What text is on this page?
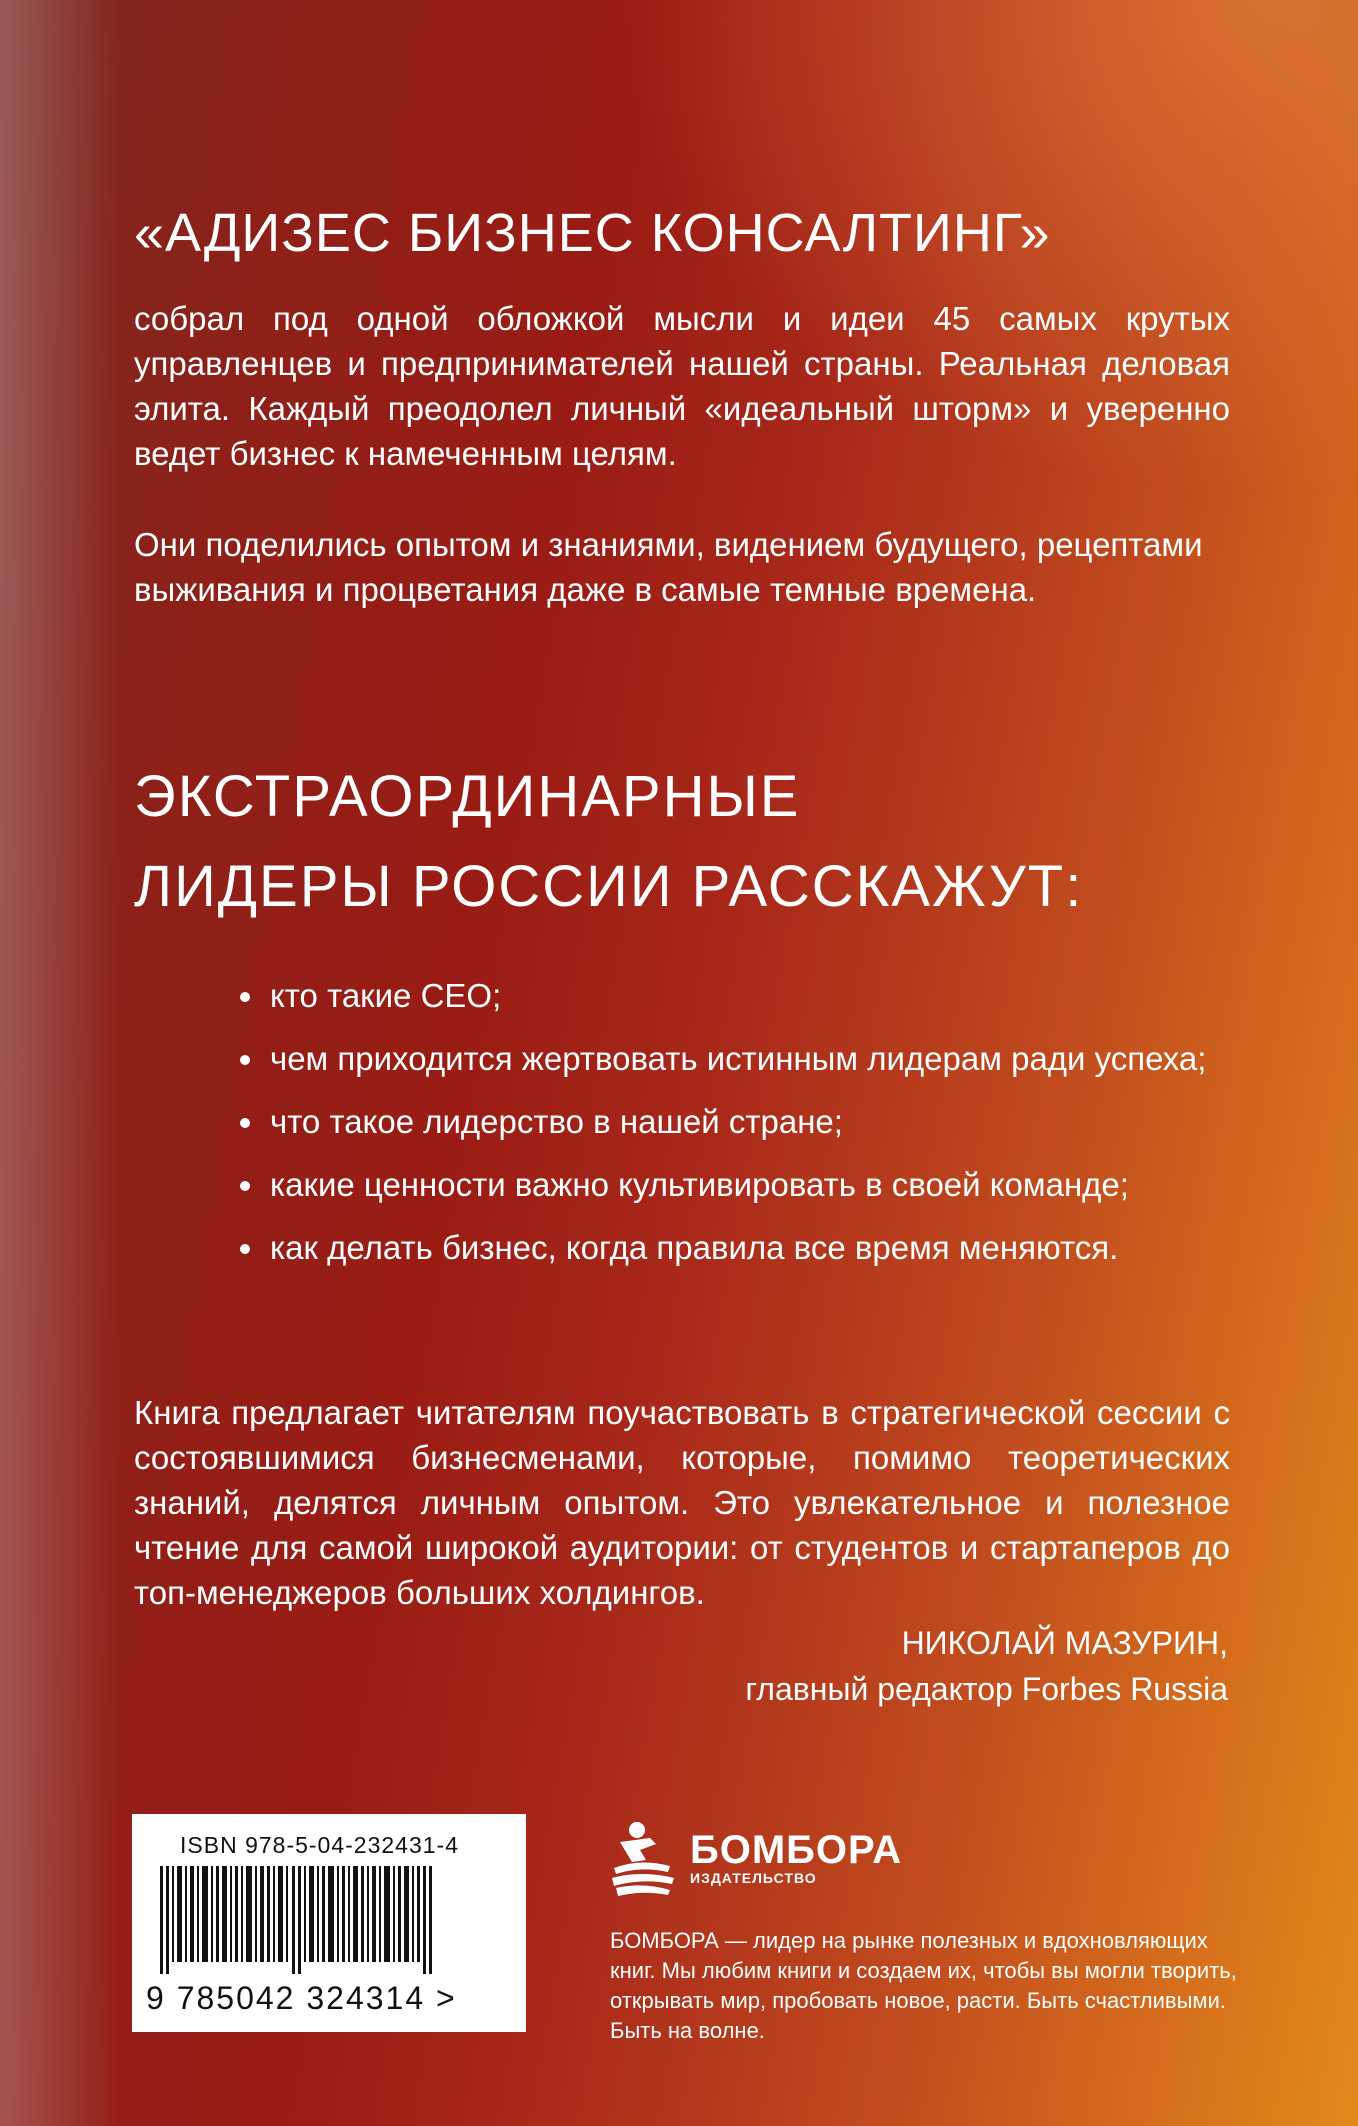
«АДИЗЕС БИЗНЕС КОНСАЛТИНГ»

собрал под одной обложкой мысли и идеи 45 самых крутых управленцев и предпринимателей нашей страны. Реальная деловая элита. Каждый преодолел личный «идеальный шторм» и уверенно ведет бизнес к намеченным целям.

Они поделились опытом и знаниями, видением будущего, рецептами выживания и процветания даже в самые темные времена.

ЭКСТРАОРДИНАРНЫЕ
ЛИДЕРЫ РОССИИ РАССКАЖУТ:
кто такие CEO;
чем приходится жертвовать истинным лидерам ради успеха;
что такое лидерство в нашей стране;
какие ценности важно культивировать в своей команде;
как делать бизнес, когда правила все время меняются.

Книга предлагает читателям поучаствовать в стратегической сессии с состоявшимися бизнесменами, которые, помимо теоретических знаний, делятся личным опытом. Это увлекательное и полезное чтение для самой широкой аудитории: от студентов и стартаперов до топ-менеджеров больших холдингов.

НИКОЛАЙ МАЗУРИН,
главный редактор Forbes Russia
ISBN 978-5-04-232431-4
9 785042 324314 >
БОМБОРА
ИЗДАТЕЛЬСТВО
БОМБОРА — лидер на рынке полезных и вдохновляющих книг. Мы любим книги и создаем их, чтобы вы могли творить, открывать мир, пробовать новое, расти. Быть счастливыми. Быть на волне.
